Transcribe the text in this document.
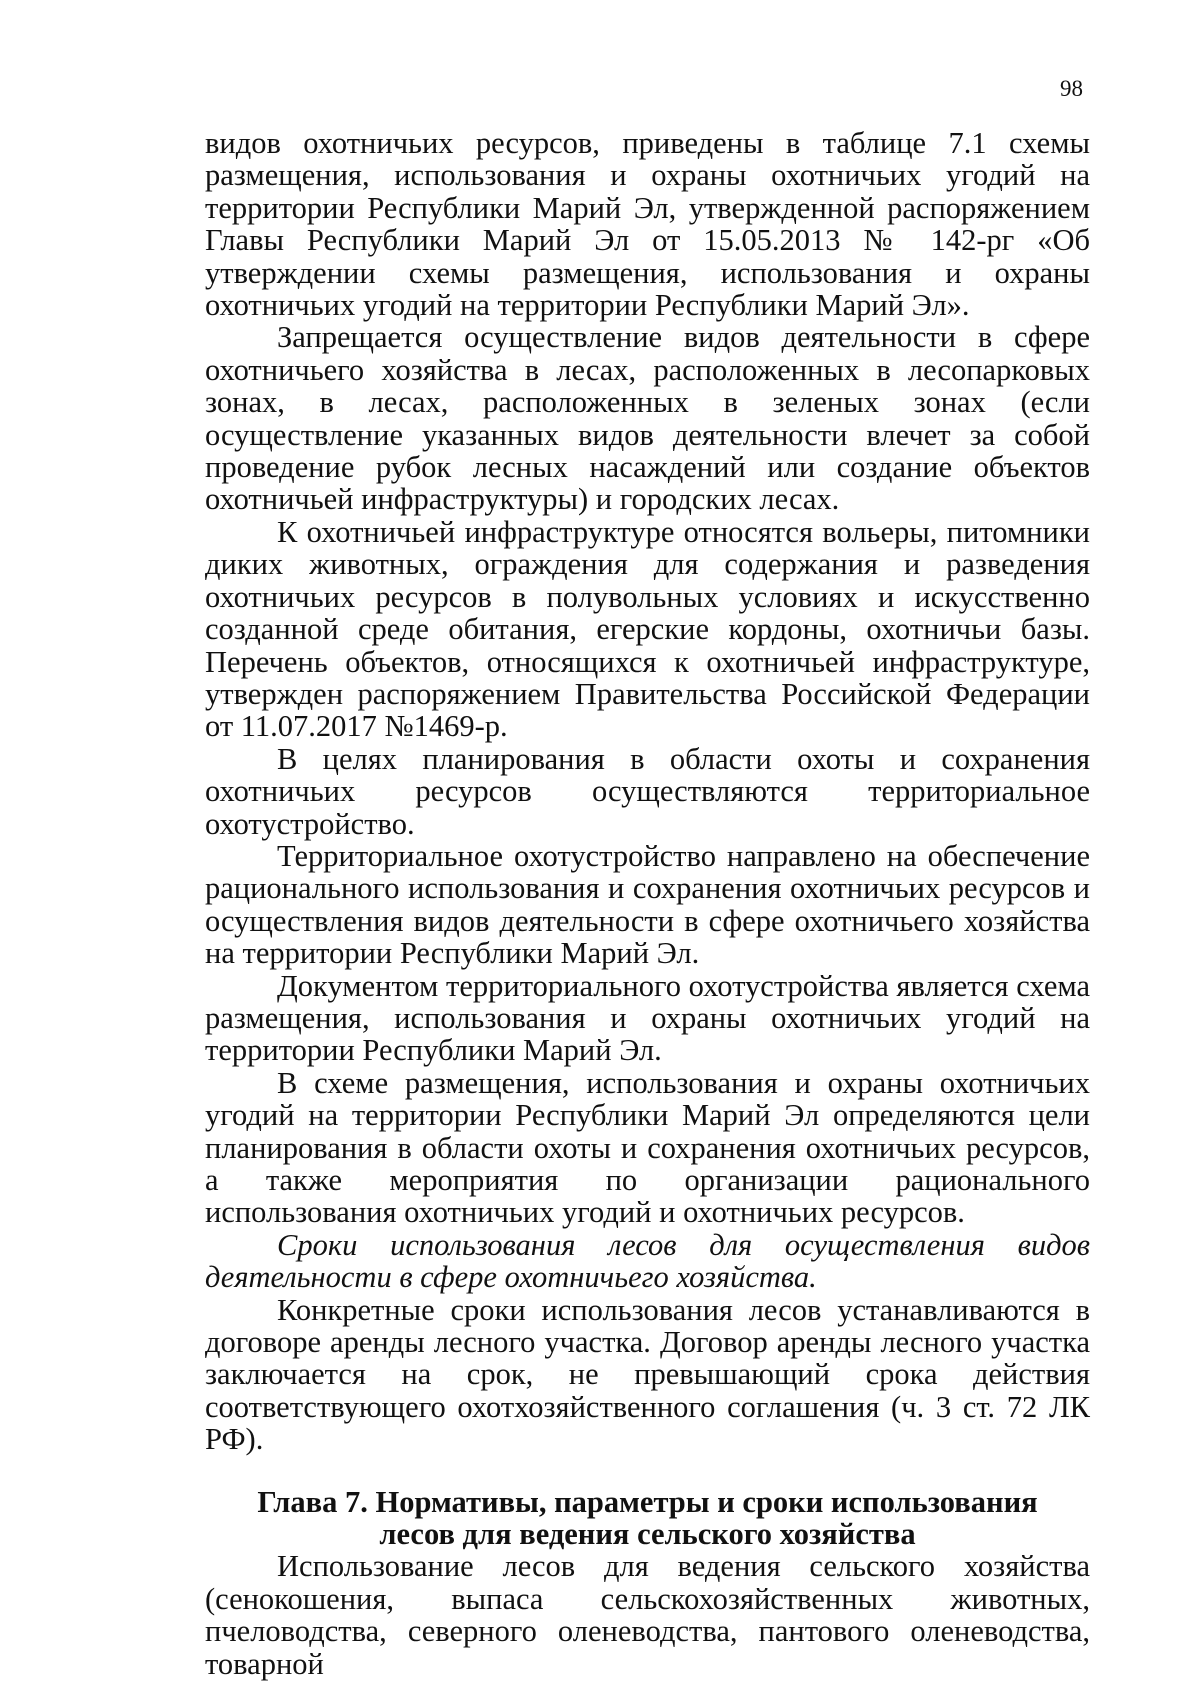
98

видов охотничьих ресурсов, приведены в таблице 7.1 схемы размещения, использования и охраны охотничьих угодий на территории Республики Марий Эл, утвержденной распоряжением Главы Республики Марий Эл от 15.05.2013 № 142-рг «Об утверждении схемы размещения, использования и охраны охотничьих угодий на территории Республики Марий Эл».

Запрещается осуществление видов деятельности в сфере охотничьего хозяйства в лесах, расположенных в лесопарковых зонах, в лесах, расположенных в зеленых зонах (если осуществление указанных видов деятельности влечет за собой проведение рубок лесных насаждений или создание объектов охотничьей инфраструктуры) и городских лесах.

К охотничьей инфраструктуре относятся вольеры, питомники диких животных, ограждения для содержания и разведения охотничьих ресурсов в полувольных условиях и искусственно созданной среде обитания, егерские кордоны, охотничьи базы. Перечень объектов, относящихся к охотничьей инфраструктуре, утвержден распоряжением Правительства Российской Федерации от 11.07.2017 №1469-р.

В целях планирования в области охоты и сохранения охотничьих ресурсов осуществляются территориальное охотустройство.

Территориальное охотустройство направлено на обеспечение рационального использования и сохранения охотничьих ресурсов и осуществления видов деятельности в сфере охотничьего хозяйства на территории Республики Марий Эл.

Документом территориального охотустройства является схема размещения, использования и охраны охотничьих угодий на территории Республики Марий Эл.

В схеме размещения, использования и охраны охотничьих угодий на территории Республики Марий Эл определяются цели планирования в области охоты и сохранения охотничьих ресурсов, а также мероприятия по организации рационального использования охотничьих угодий и охотничьих ресурсов.

Сроки использования лесов для осуществления видов деятельности в сфере охотничьего хозяйства.

Конкретные сроки использования лесов устанавливаются в договоре аренды лесного участка. Договор аренды лесного участка заключается на срок, не превышающий срока действия соответствующего охотхозяйственного соглашения (ч. 3 ст. 72 ЛК РФ).

Глава 7. Нормативы, параметры и сроки использования
лесов для ведения сельского хозяйства

Использование лесов для ведения сельского хозяйства (сенокошения, выпаса сельскохозяйственных животных, пчеловодства, северного оленеводства, пантового оленеводства, товарной
